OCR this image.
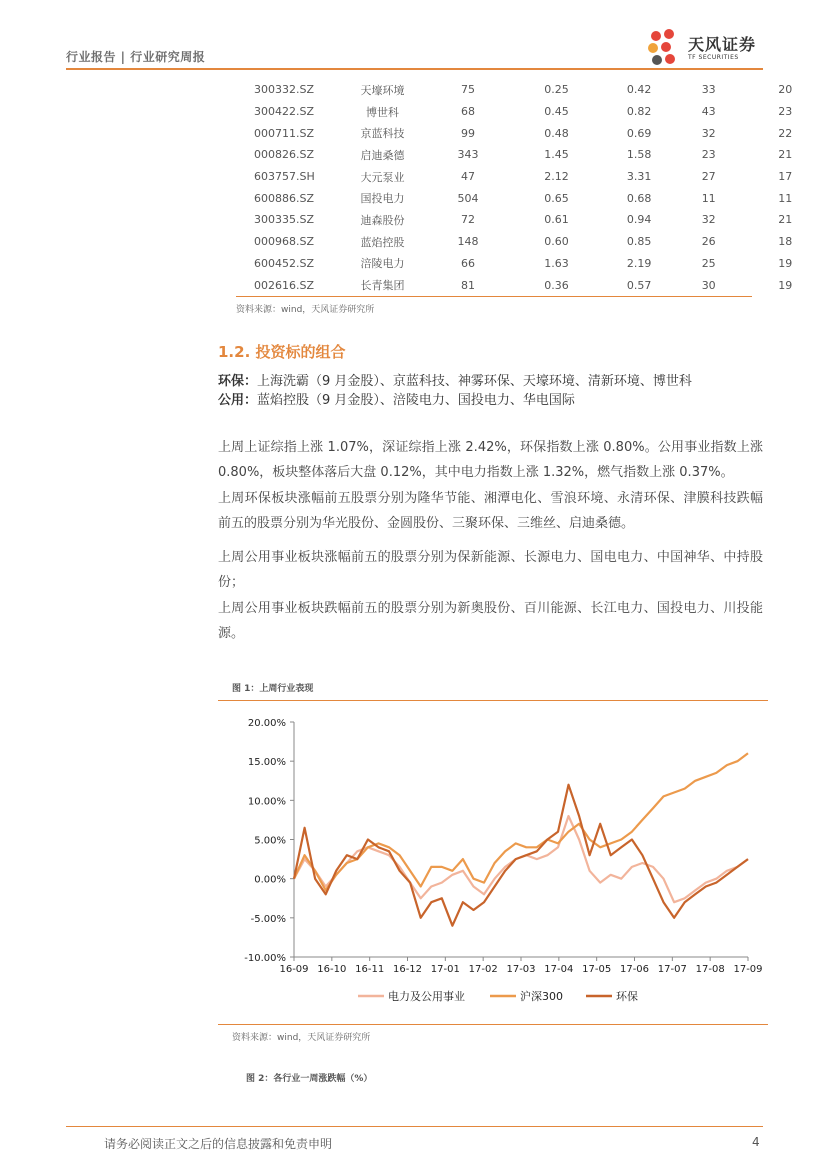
行业报告 | 行业研究周报
天风证券
TF SECURITIES
300332.SZ	天壕环境	75	0.25	0.42	33	20
300422.SZ	博世科	68	0.45	0.82	43	23
000711.SZ	京蓝科技	99	0.48	0.69	32	22
000826.SZ	启迪桑德	343	1.45	1.58	23	21
603757.SH	大元泵业	47	2.12	3.31	27	17
600886.SZ	国投电力	504	0.65	0.68	11	11
300335.SZ	迪森股份	72	0.61	0.94	32	21
000968.SZ	蓝焰控股	148	0.60	0.85	26	18
600452.SZ	涪陵电力	66	1.63	2.19	25	19
002616.SZ	长青集团	81	0.36	0.57	30	19
资料来源：wind，天风证券研究所
1.2. 投资标的组合
环保：上海洗霸（9 月金股）、京蓝科技、神雾环保、天壕环境、清新环境、博世科
公用：蓝焰控股（9 月金股）、涪陵电力、国投电力、华电国际
上周上证综指上涨 1.07%，深证综指上涨 2.42%，环保指数上涨 0.80%。公用事业指数上涨 0.80%，板块整体落后大盘 0.12%，其中电力指数上涨 1.32%，燃气指数上涨 0.37%。
上周环保板块涨幅前五股票分别为隆华节能、湘潭电化、雪浪环境、永清环保、津膜科技跌幅前五的股票分别为华光股份、金圆股份、三聚环保、三维丝、启迪桑德。
上周公用事业板块涨幅前五的股票分别为保新能源、长源电力、国电电力、中国神华、中持股份；
上周公用事业板块跌幅前五的股票分别为新奥股份、百川能源、长江电力、国投电力、川投能源。
图 1：上周行业表现
20.00%
15.00%
10.00%
5.00%
0.00%
-5.00%
-10.00%
16-09 16-10 16-11 16-12 17-01 17-02 17-03 17-04 17-05 17-06 17-07 17-08 17-09
电力及公用事业	沪深300	环保
资料来源：wind，天风证券研究所
图 2：各行业一周涨跌幅（%）
请务必阅读正文之后的信息披露和免责申明	4
